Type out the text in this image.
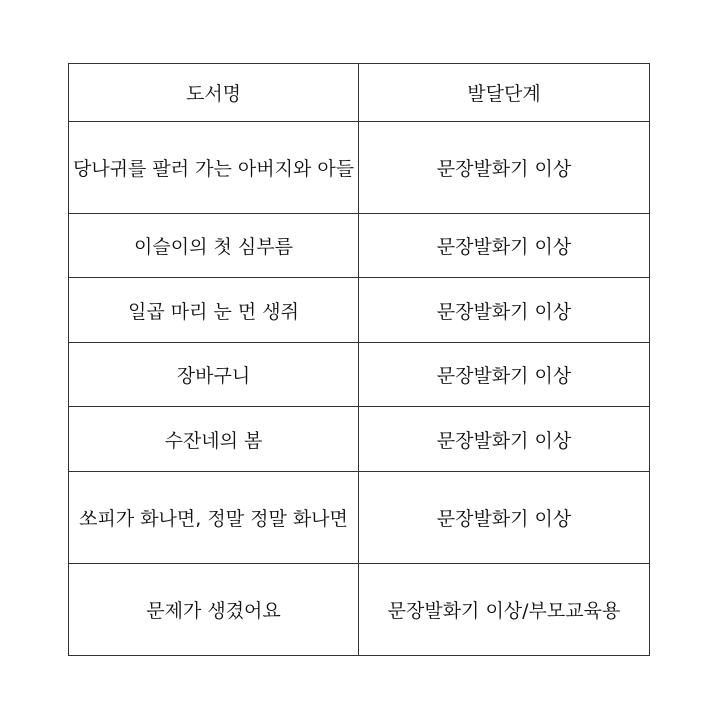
도서명	발달단계
당나귀를 팔러 가는 아버지와 아들	문장발화기 이상
이슬이의 첫 심부름	문장발화기 이상
일곱 마리 눈 먼 생쥐	문장발화기 이상
장바구니	문장발화기 이상
수잔네의 봄	문장발화기 이상
쏘피가 화나면, 정말 정말 화나면	문장발화기 이상
문제가 생겼어요	문장발화기 이상/부모교육용
